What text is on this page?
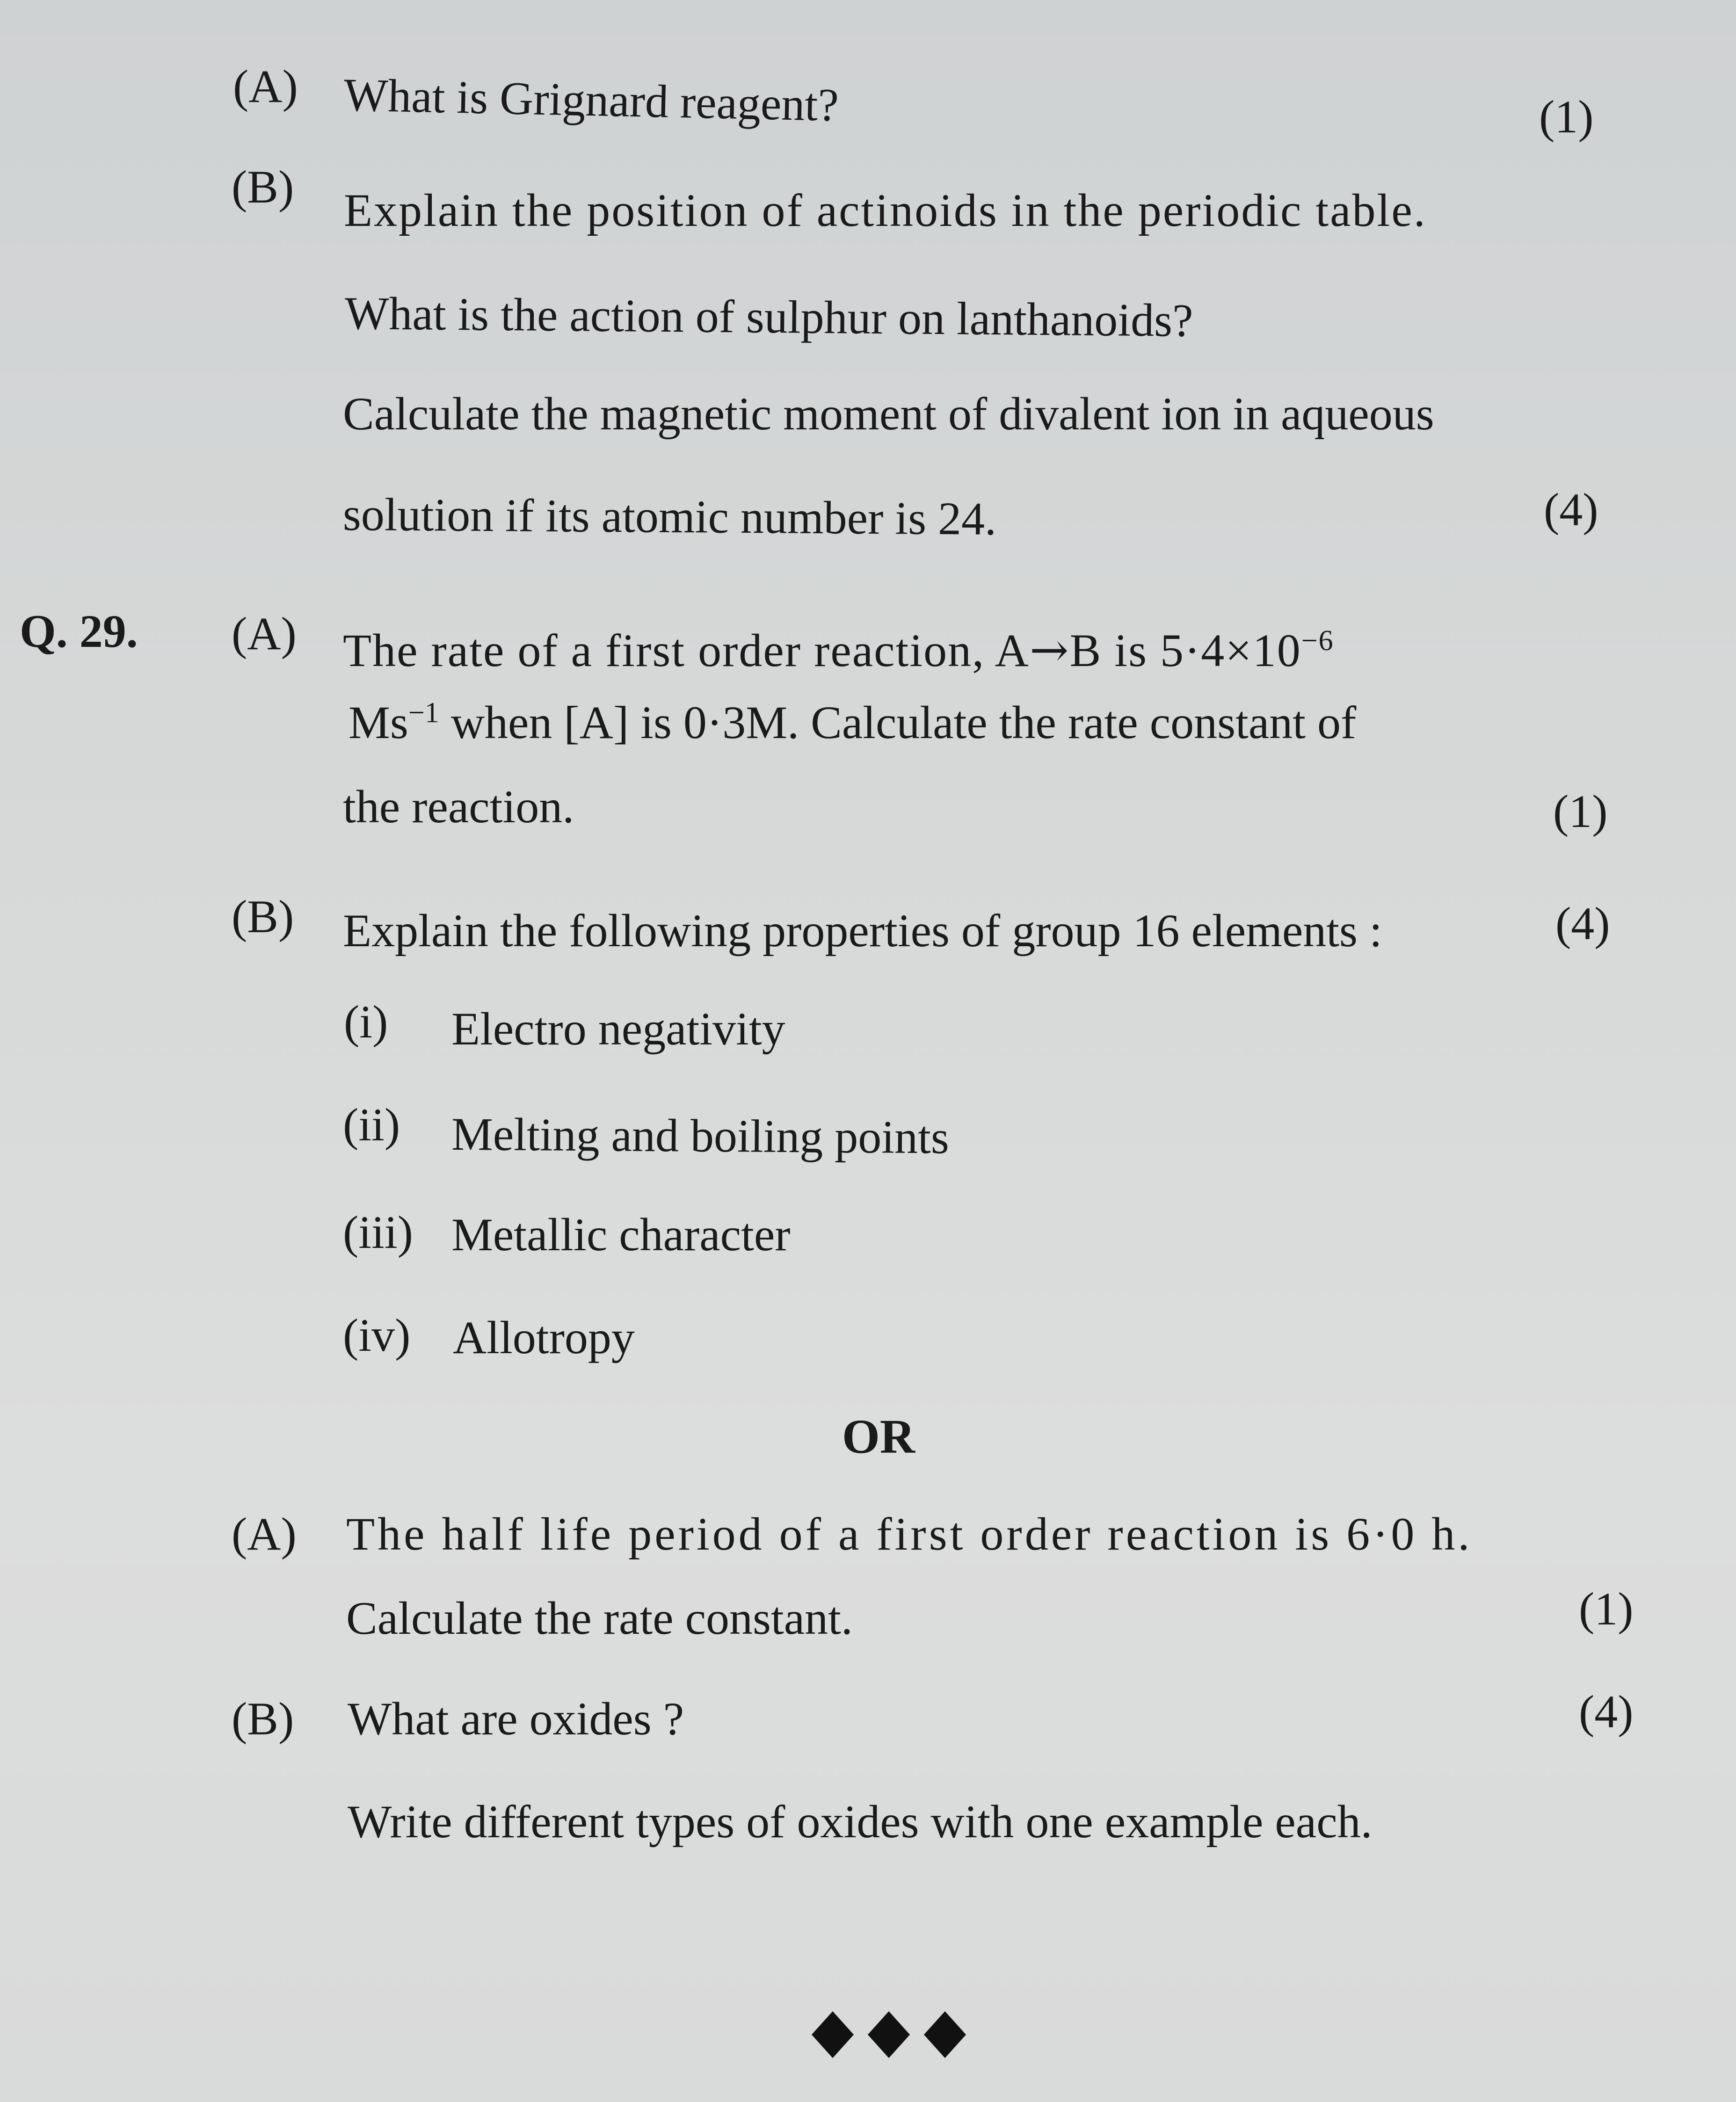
(A) What is Grignard reagent?	(1)
(B) Explain the position of actinoids in the periodic table.
What is the action of sulphur on lanthanoids?
Calculate the magnetic moment of divalent ion in aqueous
solution if its atomic number is 24.	(4)
Q. 29. (A) The rate of a first order reaction, A→B is $5\cdot 4\times 10^{-6}$
$Ms^{-1}$ when [A] is 0·3M. Calculate the rate constant of
the reaction.	(1)
(B) Explain the following properties of group 16 elements :	(4)
(i) Electro negativity
(ii) Melting and boiling points
(iii) Metallic character
(iv) Allotropy
OR
(A) The half life period of a first order reaction is 6·0 h.
Calculate the rate constant.	(1)
(B) What are oxides ?	(4)
Write different types of oxides with one example each.
